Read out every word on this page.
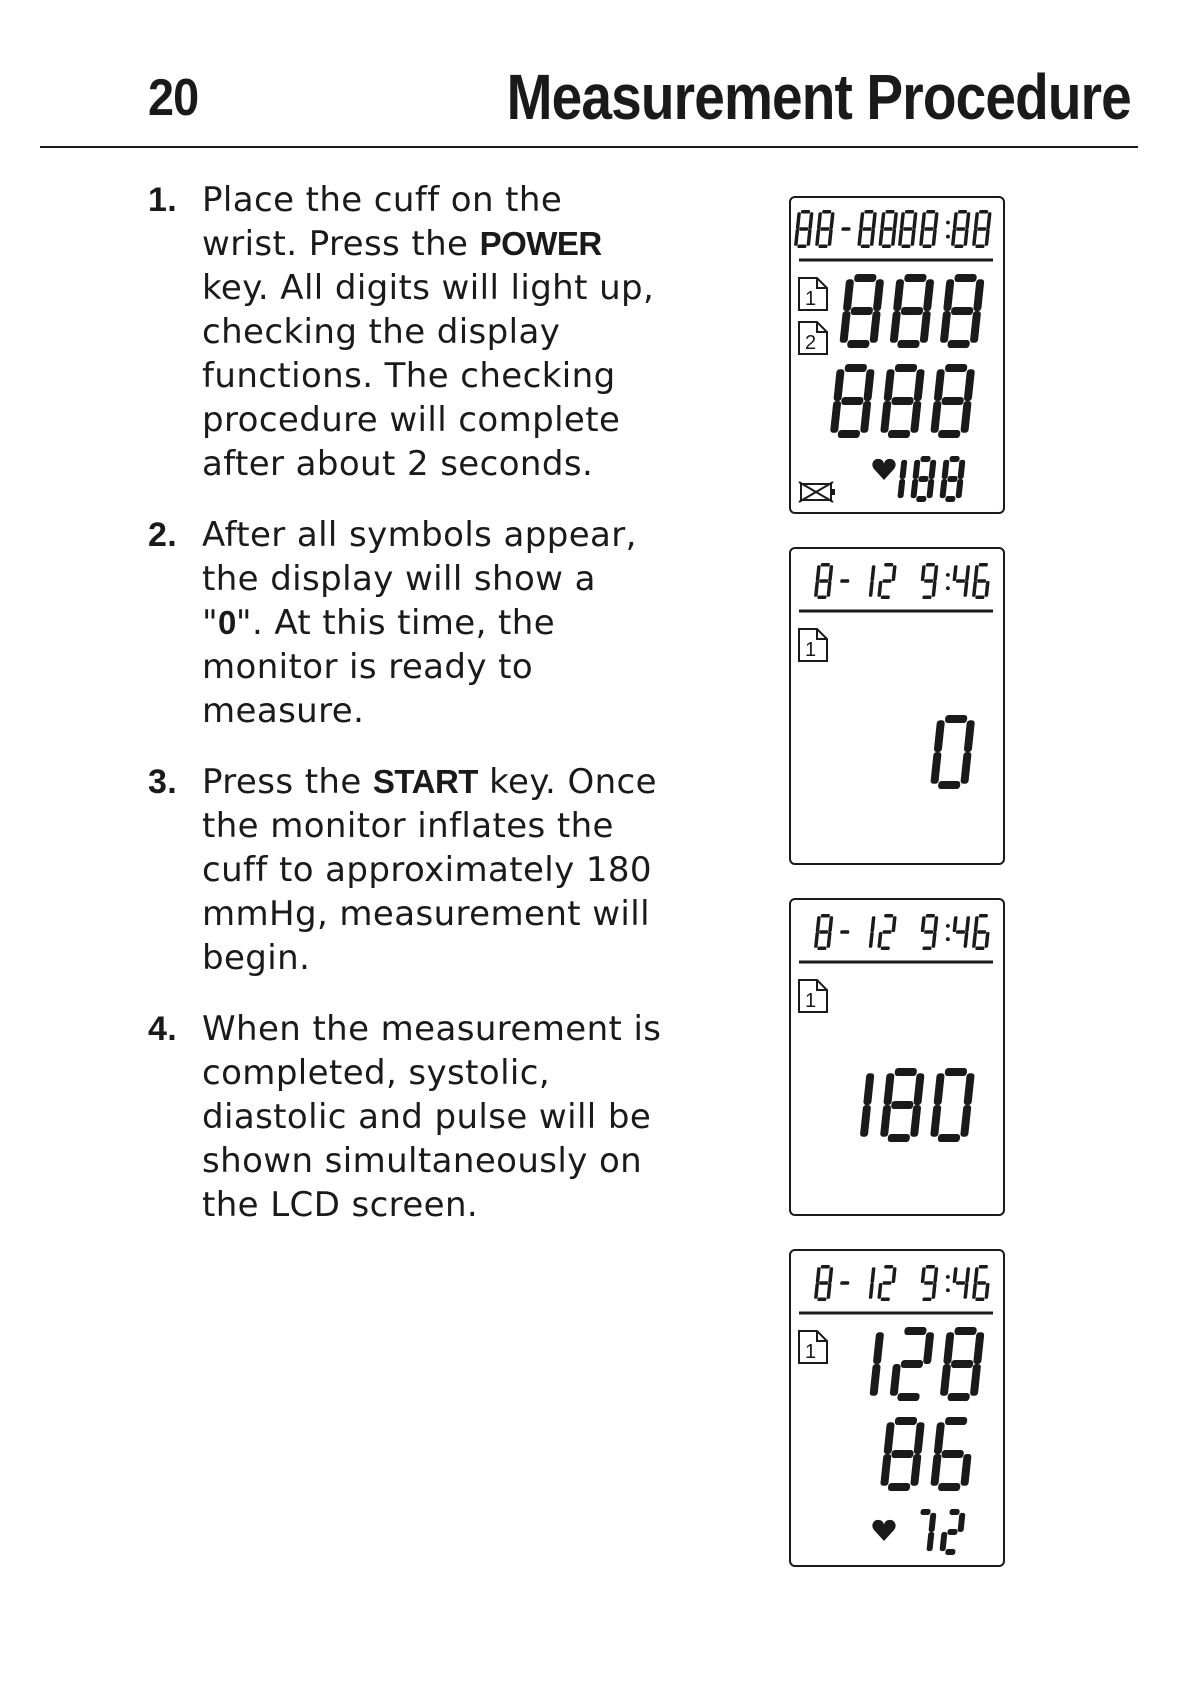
20	Measurement Procedure
1. Place the cuff on the wrist. Press the POWER key. All digits will light up, checking the display functions. The checking procedure will complete after about 2 seconds.
2. After all symbols appear, the display will show a "0". At this time, the monitor is ready to measure.
3. Press the START key. Once the monitor inflates the cuff to approximately 180 mmHg, measurement will begin.
4. When the measurement is completed, systolic, diastolic and pulse will be shown simultaneously on the LCD screen.
1
2
1
1
1
